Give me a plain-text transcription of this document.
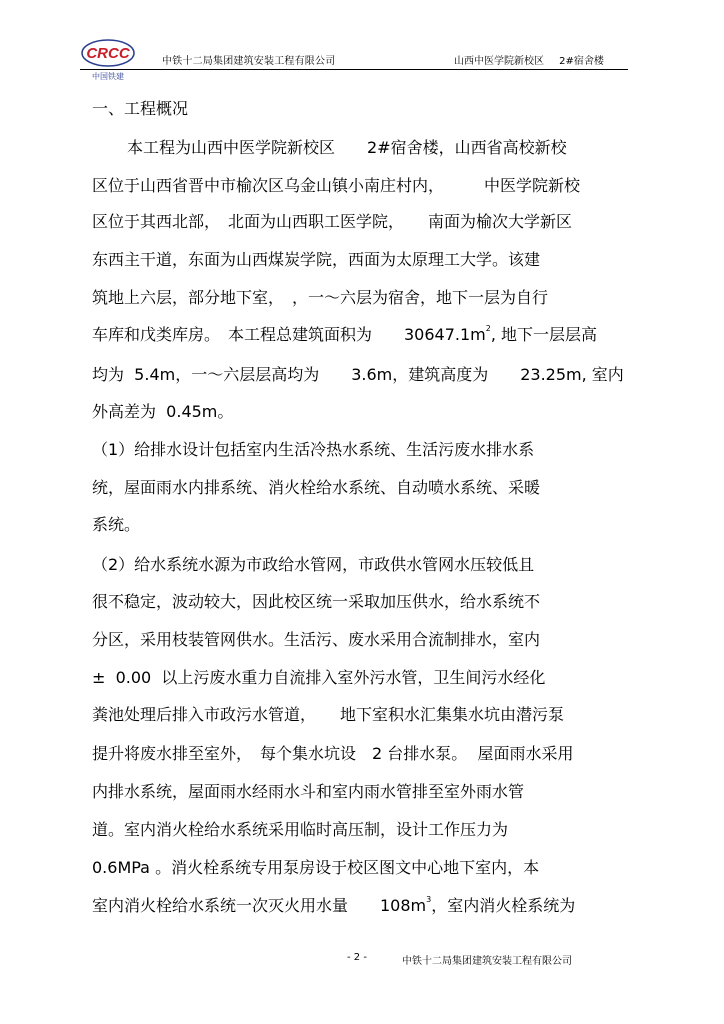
CRCC
中国铁建
中铁十二局集团建筑安装工程有限公司	山西中医学院新校区 2#宿舍楼
一、工程概况
本工程为山西中医学院新校区　　2#宿舍楼，山西省高校新校
区位于山西省晋中市榆次区乌金山镇小南庄村内，　　　中医学院新校
区位于其西北部，　北面为山西职工医学院，　　南面为榆次大学新区
东西主干道，东面为山西煤炭学院，西面为太原理工大学。该建
筑地上六层，部分地下室，　，一～六层为宿舍，地下一层为自行
车库和戊类库房。　本工程总建筑面积为　　$30647.1m^2$, 地下一层层高
均为  5.4m，一～六层层高均为　　3.6m，建筑高度为　　23.25m, 室内
外高差为  0.45m。
（1）给排水设计包括室内生活冷热水系统、生活污废水排水系
统，屋面雨水内排系统、消火栓给水系统、自动喷水系统、采暖
系统。
（2）给水系统水源为市政给水管网，市政供水管网水压较低且
很不稳定，波动较大，因此校区统一采取加压供水，给水系统不
分区，采用枝装管网供水。生活污、废水采用合流制排水，室内
±  0.00  以上污废水重力自流排入室外污水管，卫生间污水经化
粪池处理后排入市政污水管道，　　地下室积水汇集集水坑由潜污泵
提升将废水排至室外，　每个集水坑设　2 台排水泵。  屋面雨水采用
内排水系统，屋面雨水经雨水斗和室内雨水管排至室外雨水管
道。室内消火栓给水系统采用临时高压制，设计工作压力为
0.6MPa 。消火栓系统专用泵房设于校区图文中心地下室内，本
室内消火栓给水系统一次灭火用水量　　$108m^3$，室内消火栓系统为
- 2 -	中铁十二局集团建筑安装工程有限公司
